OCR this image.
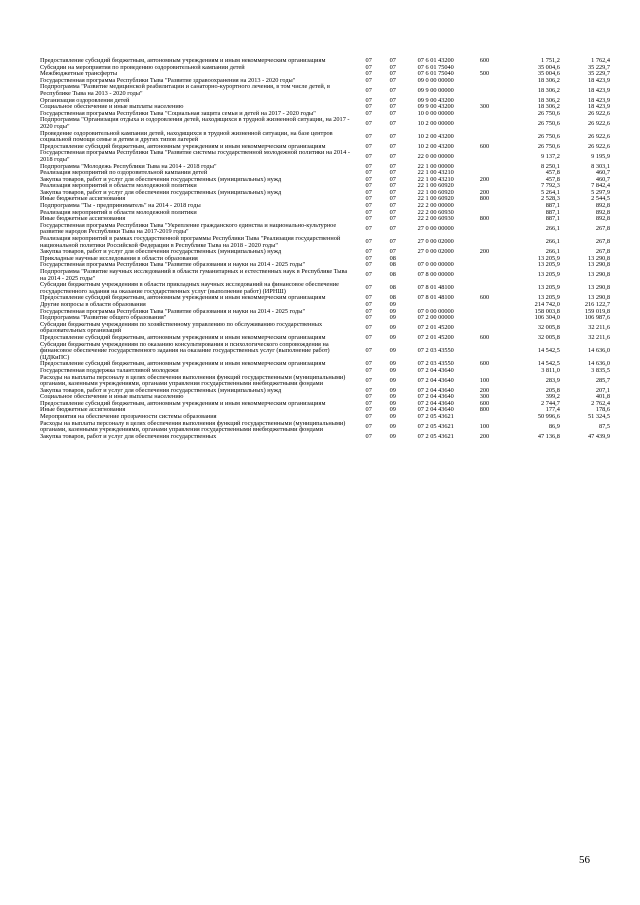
Предоставление субсидий бюджетным, автономным учреждениям и иным некоммерческим организациям	07	07	07 6 01 43200	600	1 751,2	1 762,4
Субсидии на мероприятия по проведению оздоровительной кампании детей	07	07	07 6 01 75040		35 004,6	35 229,7
Межбюджетные трансферты	07	07	07 6 01 75040	500	35 004,6	35 229,7
Государственная программа Республики Тыва "Развитие здравоохранения на 2013 - 2020 годы"	07	07	09 0 00 00000		18 306,2	18 423,9
Подпрограмма "Развитие медицинской реабилитации и санаторно-курортного лечения, в том числе детей, в Республике Тыва на 2013 - 2020 годы"	07	07	09 9 00 00000		18 306,2	18 423,9
Организация оздоровления детей	07	07	09 9 00 43200		18 306,2	18 423,9
Социальное обеспечение и иные выплаты населению	07	07	09 9 00 43200	300	18 306,2	18 423,9
Государственная программа Республики Тыва "Социальная защита семьи и детей на 2017 - 2020 годы"	07	07	10 0 00 00000		26 750,6	26 922,6
Подпрограмма "Организация отдыха и оздоровления детей, находящихся в трудной жизненной ситуации, на 2017 - 2020 годы"	07	07	10 2 00 00000		26 750,6	26 922,6
Проведение оздоровительной кампании детей, находящихся в трудной жизненной ситуации, на базе центров социальной помощи семье и детям и других типов лагерей	07	07	10 2 00 43200		26 750,6	26 922,6
Предоставление субсидий бюджетным, автономным учреждениям и иным некоммерческим организациям	07	07	10 2 00 43200	600	26 750,6	26 922,6
Государственная программа Республики Тыва "Развитие системы государственной молодежной политики на 2014 - 2018 годы"	07	07	22 0 00 00000		9 137,2	9 195,9
Подпрограмма "Молодежь Республики Тыва на 2014 - 2018 годы"	07	07	22 1 00 00000		8 250,1	8 303,1
Реализация мероприятий по оздоровительной кампании детей	07	07	22 1 00 43210		457,8	460,7
Закупка товаров, работ и услуг для обеспечения государственных (муниципальных) нужд	07	07	22 1 00 43210	200	457,8	460,7
Реализация мероприятий в области молодежной политики	07	07	22 1 00 60920		7 792,3	7 842,4
Закупка товаров, работ и услуг для обеспечения государственных (муниципальных) нужд	07	07	22 1 00 60920	200	5 264,1	5 297,9
Иные бюджетные ассигнования	07	07	22 1 00 60920	800	2 528,3	2 544,5
Подпрограмма "Ты - предприниматель" на 2014 - 2018 годы	07	07	22 2 00 00000		887,1	892,8
Реализация мероприятий в области молодежной политики	07	07	22 2 00 60930		887,1	892,8
Иные бюджетные ассигнования	07	07	22 2 00 60930	800	887,1	892,8
Государственная программа Республики Тыва "Укрепление гражданского единства и национально-культурное развитие народов Республики Тыва на 2017-2019 годы"	07	07	27 0 00 00000		266,1	267,8
Реализация мероприятий в рамках государственной программы Республики Тыва "Реализация государственной национальной политики Российской Федерации в Республике Тыва на 2018 - 2020 годы"	07	07	27 0 00 02000		266,1	267,8
Закупка товаров, работ и услуг для обеспечения государственных (муниципальных) нужд	07	07	27 0 00 02000	200	266,1	267,8
Прикладные научные исследования в области образования	07	08			13 205,9	13 290,8
Государственная программа Республики Тыва "Развитие образования и науки на 2014 - 2025 годы"	07	08	07 0 00 00000		13 205,9	13 290,8
Подпрограмма "Развитие научных исследований в области гуманитарных и естественных наук в Республике Тыва на 2014 - 2025 годы"	07	08	07 8 00 00000		13 205,9	13 290,8
Субсидии бюджетным учреждениям в области прикладных научных исследований на финансовое обеспечение государственного задания на оказание государственных услуг (выполнение работ) (ИРНШ)	07	08	07 8 01 48100		13 205,9	13 290,8
Предоставление субсидий бюджетным, автономным учреждениям и иным некоммерческим организациям	07	08	07 8 01 48100	600	13 205,9	13 290,8
Другие вопросы в области образования	07	09			214 742,0	216 122,7
Государственная программа Республики Тыва "Развитие образования и науки на 2014 - 2025 годы"	07	09	07 0 00 00000		158 003,8	159 019,8
Подпрограмма "Развитие общего образования"	07	09	07 2 00 00000		106 304,0	106 987,6
Субсидии бюджетным учреждениям по хозяйственному управлению по обслуживанию государственных образовательных организаций	07	09	07 2 01 45200		32 005,8	32 211,6
Предоставление субсидий бюджетным, автономным учреждениям и иным некоммерческим организациям	07	09	07 2 01 45200	600	32 005,8	32 211,6
Субсидии бюджетным учреждениям по оказанию консультирования и психологического сопровождения на финансовое обеспечение государственного задания на оказание государственных услуг (выполнение работ) (ЦДКиПС)	07	09	07 2 03 43550		14 542,5	14 636,0
Предоставление субсидий бюджетным, автономным учреждениям и иным некоммерческим организациям	07	09	07 2 03 43550	600	14 542,5	14 636,0
Государственная поддержка талантливой молодежи	07	09	07 2 04 43640		3 811,0	3 835,5
Расходы на выплаты персоналу в целях обеспечения выполнения функций государственными (муниципальными) органами, казенными учреждениями, органами управления государственными внебюджетными фондами	07	09	07 2 04 43640	100	283,9	285,7
Закупка товаров, работ и услуг для обеспечения государственных (муниципальных) нужд	07	09	07 2 04 43640	200	205,8	207,1
Социальное обеспечение и иные выплаты населению	07	09	07 2 04 43640	300	399,2	401,8
Предоставление субсидий бюджетным, автономным учреждениям и иным некоммерческим организациям	07	09	07 2 04 43640	600	2 744,7	2 762,4
Иные бюджетные ассигнования	07	09	07 2 04 43640	800	177,4	178,6
Мероприятия на обеспечение прозрачности системы образования	07	09	07 2 05 43621		50 996,6	51 324,5
Расходы на выплаты персоналу в целях обеспечения выполнения функций государственными (муниципальными) органами, казенными учреждениями, органами управления государственными внебюджетными фондами	07	09	07 2 05 43621	100	86,9	87,5
Закупка товаров, работ и услуг для обеспечения государственных	07	09	07 2 05 43621	200	47 136,8	47 439,9
56
